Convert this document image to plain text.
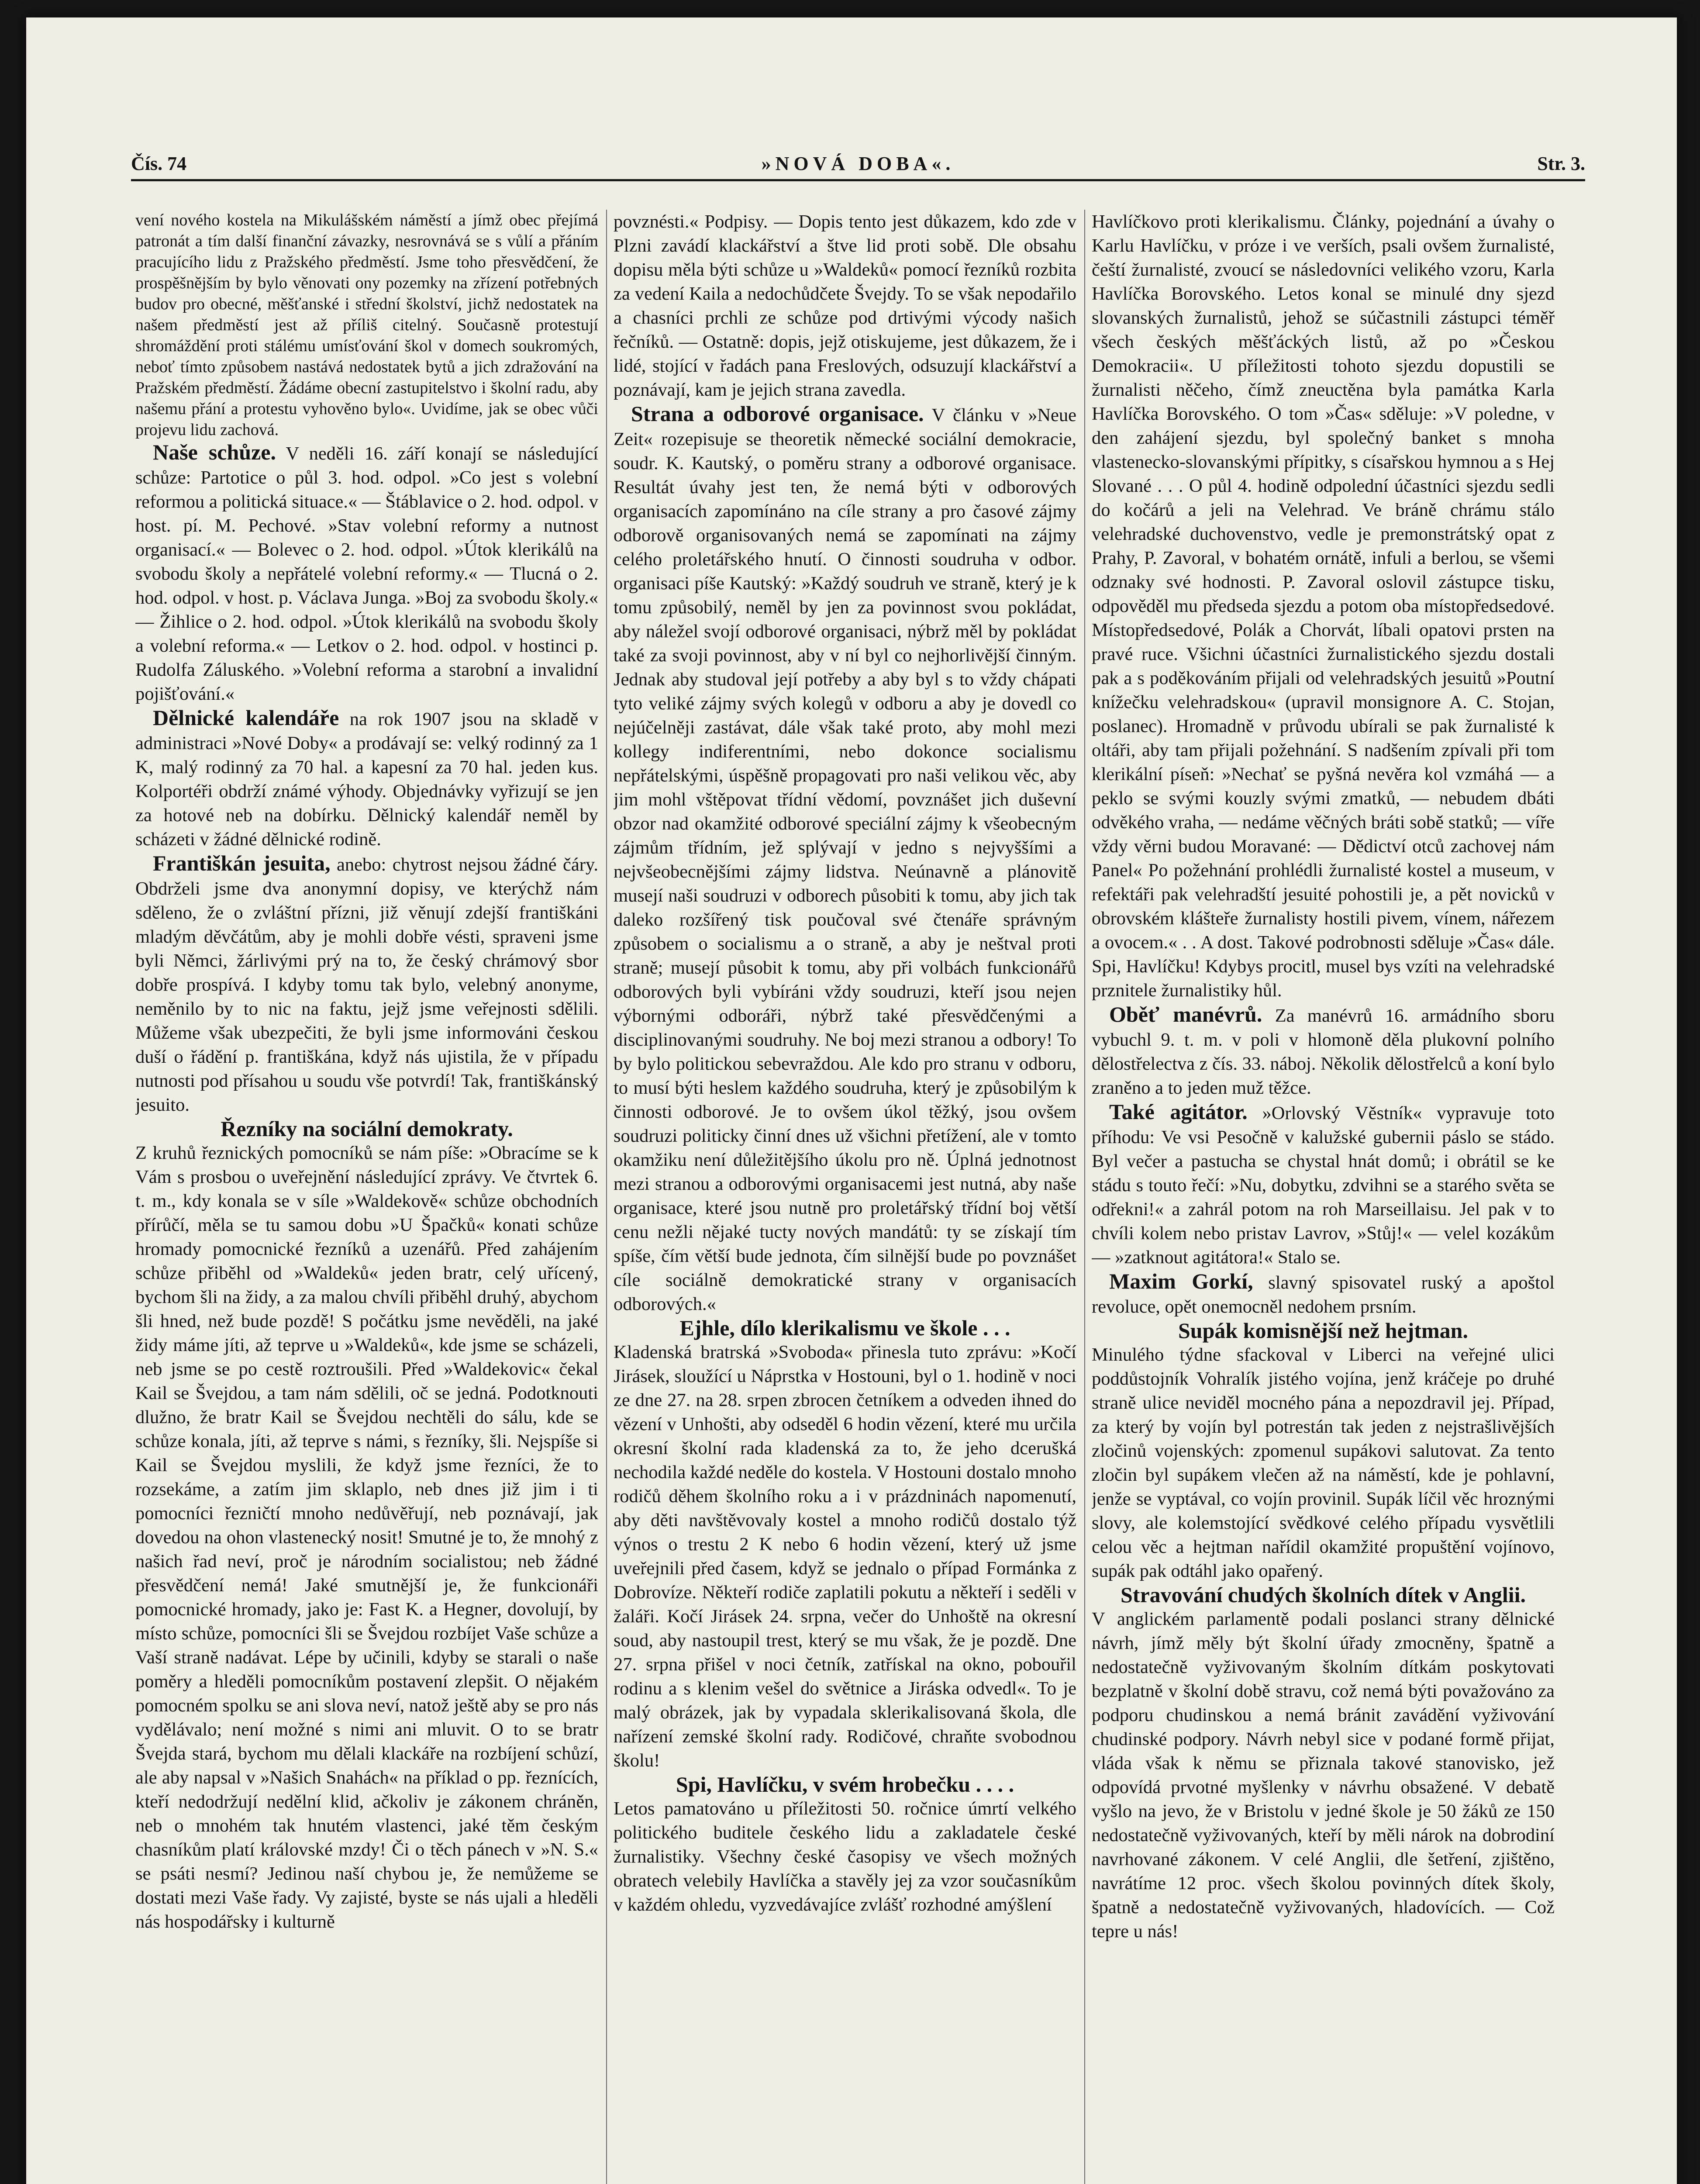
Čís. 74	»NOVÁ DOBA«.	Str. 3.

vení nového kostela na Mikulášském náměstí a jímž obec přejímá patronát a tím další finanční závazky, nesrovnává se s vůlí a přáním pracujícího lidu z Pražského předměstí. Jsme toho přesvědčení, že prospěšnějším by bylo věnovati ony pozemky na zřízení potřebných budov pro obecné, měšťanské i střední školství, jichž nedostatek na našem předměstí jest až příliš citelný. Současně protestují shromáždění proti stálému umísťování škol v domech soukromých, neboť tímto způsobem nastává nedostatek bytů a jich zdražování na Pražském předměstí. Žádáme obecní zastupitelstvo i školní radu, aby našemu přání a protestu vyhověno bylo«. Uvidíme, jak se obec vůči projevu lidu zachová.

Naše schůze. V neděli 16. září konají se následující schůze: Partotice o půl 3. hod. odpol. »Co jest s volební reformou a politická situace.« — Štáblavice o 2. hod. odpol. v host. pí. M. Pechové. »Stav volební reformy a nutnost organisací.« — Bolevec o 2. hod. odpol. »Útok klerikálů na svobodu školy a nepřátelé volební reformy.« — Tlucná o 2. hod. odpol. v host. p. Václava Junga. »Boj za svobodu školy.« — Žihlice o 2. hod. odpol. »Útok klerikálů na svobodu školy a volební reforma.« — Letkov o 2. hod. odpol. v hostinci p. Rudolfa Záluského. »Volební reforma a starobní a invalidní pojišťování.«

Dělnické kalendáře na rok 1907 jsou na skladě v administraci »Nové Doby« a prodávají se: velký rodinný za 1 K, malý rodinný za 70 hal. a kapesní za 70 hal. jeden kus. Kolportéři obdrží známé výhody. Objednávky vyřizují se jen za hotové neb na dobírku. Dělnický kalendář neměl by scházeti v žádné dělnické rodině.

Františkán jesuita, anebo: chytrost nejsou žádné čáry. Obdrželi jsme dva anonymní dopisy, ve kterýchž nám sděleno, že o zvláštní přízni, již věnují zdejší františkáni mladým děvčátům, aby je mohli dobře vésti, spraveni jsme byli Němci, žárlivými prý na to, že český chrámový sbor dobře prospívá. I kdyby tomu tak bylo, velebný anonyme, neměnilo by to nic na faktu, jejž jsme veřejnosti sdělili. Můžeme však ubezpečiti, že byli jsme informováni českou duší o řádění p. františkána, když nás ujistila, že v případu nutnosti pod přísahou u soudu vše potvrdí! Tak, františkánský jesuito.

Řezníky na sociální demokraty.
Z kruhů řeznických pomocníků se nám píše: »Obracíme se k Vám s prosbou o uveřejnění následující zprávy. Ve čtvrtek 6. t. m., kdy konala se v síle »Waldekově« schůze obchodních přírůčí, měla se tu samou dobu »U Špačků« konati schůze hromady pomocnické řezníků a uzenářů. Před zahájením schůze přiběhl od »Waldeků« jeden bratr, celý uřícený, bychom šli na židy, a za malou chvíli přiběhl druhý, abychom šli hned, než bude pozdě! S počátku jsme nevěděli, na jaké židy máme jíti, až teprve u »Waldeků«, kde jsme se scházeli, neb jsme se po cestě roztroušili. Před »Waldekovic« čekal Kail se Švejdou, a tam nám sdělili, oč se jedná. Podotknouti dlužno, že bratr Kail se Švejdou nechtěli do sálu, kde se schůze konala, jíti, až teprve s námi, s řezníky, šli. Nejspíše si Kail se Švejdou myslili, že když jsme řezníci, že to rozsekáme, a zatím jim sklaplo, neb dnes již jim i ti pomocníci řezničtí mnoho nedůvěřují, neb poznávají, jak dovedou na ohon vlastenecký nosit! Smutné je to, že mnohý z našich řad neví, proč je národním socialistou; neb žádné přesvědčení nemá! Jaké smutnější je, že funkcionáři pomocnické hromady, jako je: Fast K. a Hegner, dovolují, by místo schůze, pomocníci šli se Švejdou rozbíjet Vaše schůze a Vaší straně nadávat. Lépe by učinili, kdyby se starali o naše poměry a hleděli pomocníkům postavení zlepšit. O nějakém pomocném spolku se ani slova neví, natož ještě aby se pro nás vydělávalo; není možné s nimi ani mluvit. O to se bratr Švejda stará, bychom mu dělali klackáře na rozbíjení schůzí, ale aby napsal v »Našich Snahách« na příklad o pp. řeznících, kteří nedodržují nedělní klid, ačkoliv je zákonem chráněn, neb o mnohém tak hnutém vlastenci, jaké těm českým chasníkům platí královské mzdy! Či o těch pánech v »N. S.« se psáti nesmí? Jedinou naší chybou je, že nemůžeme se dostati mezi Vaše řady. Vy zajisté, byste se nás ujali a hleděli nás hospodářsky i kulturně

povznésti.« Podpisy. — Dopis tento jest důkazem, kdo zde v Plzni zavádí klackářství a štve lid proti sobě. Dle obsahu dopisu měla býti schůze u »Waldeků« pomocí řezníků rozbita za vedení Kaila a nedochůdčete Švejdy. To se však nepodařilo a chasníci prchli ze schůze pod drtivými výcody našich řečníků. — Ostatně: dopis, jejž otiskujeme, jest důkazem, že i lidé, stojící v řadách pana Freslových, odsuzují klackářství a poznávají, kam je jejich strana zavedla.

Strana a odborové organisace. V článku v »Neue Zeit« rozepisuje se theoretik německé sociální demokracie, soudr. K. Kautský, o poměru strany a odborové organisace. Resultát úvahy jest ten, že nemá býti v odborových organisacích zapomínáno na cíle strany a pro časové zájmy odborově organisovaných nemá se zapomínati na zájmy celého proletářského hnutí. O činnosti soudruha v odbor. organisaci píše Kautský: »Každý soudruh ve straně, který je k tomu způsobilý, neměl by jen za povinnost svou pokládat, aby náležel svojí odborové organisaci, nýbrž měl by pokládat také za svoji povinnost, aby v ní byl co nejhorlivější činným. Jednak aby studoval její potřeby a aby byl s to vždy chápati tyto veliké zájmy svých kolegů v odboru a aby je dovedl co nejúčelněji zastávat, dále však také proto, aby mohl mezi kollegy indiferentními, nebo dokonce socialismu nepřátelskými, úspěšně propagovati pro naši velikou věc, aby jim mohl vštěpovat třídní vědomí, povznášet jich duševní obzor nad okamžité odborové speciální zájmy k všeobecným zájmům třídním, jež splývají v jedno s nejvyššími a nejvšeobecnějšími zájmy lidstva. Neúnavně a plánovitě musejí naši soudruzi v odborech působiti k tomu, aby jich tak daleko rozšířený tisk poučoval své čtenáře správným způsobem o socialismu a o straně, a aby je neštval proti straně; musejí působit k tomu, aby při volbách funkcionářů odborových byli vybíráni vždy soudruzi, kteří jsou nejen výbornými odboráři, nýbrž také přesvědčenými a disciplinovanými soudruhy. Ne boj mezi stranou a odbory! To by bylo politickou sebevraždou. Ale kdo pro stranu v odboru, to musí býti heslem každého soudruha, který je způsobilým k činnosti odborové. Je to ovšem úkol těžký, jsou ovšem soudruzi politicky činní dnes už všichni přetížení, ale v tomto okamžiku není důležitějšího úkolu pro ně. Úplná jednotnost mezi stranou a odborovými organisacemi jest nutná, aby naše organisace, které jsou nutně pro proletářský třídní boj větší cenu nežli nějaké tucty nových mandátů: ty se získají tím spíše, čím větší bude jednota, čím silnější bude po povznášet cíle sociálně demokratické strany v organisacích odborových.«

Ejhle, dílo klerikalismu ve škole . . .
Kladenská bratrská »Svoboda« přinesla tuto zprávu: »Kočí Jirásek, sloužící u Náprstka v Hostouni, byl o 1. hodině v noci ze dne 27. na 28. srpen zbrocen četníkem a odveden ihned do vězení v Unhošti, aby odseděl 6 hodin vězení, které mu určila okresní školní rada kladenská za to, že jeho dcerušká nechodila každé neděle do kostela. V Hostouni dostalo mnoho rodičů děhem školního roku a i v prázdninách napomenutí, aby děti navštěvovaly kostel a mnoho rodičů dostalo týž výnos o trestu 2 K nebo 6 hodin vězení, který už jsme uveřejnili před časem, když se jednalo o případ Formánka z Dobrovíze. Někteří rodiče zaplatili pokutu a někteří i seděli v žaláři. Kočí Jirásek 24. srpna, večer do Unhoště na okresní soud, aby nastoupil trest, který se mu však, že je pozdě. Dne 27. srpna přišel v noci četník, zatřískal na okno, pobouřil rodinu a s klenim vešel do světnice a Jiráska odvedl«. To je malý obrázek, jak by vypadala sklerikalisovaná škola, dle nařízení zemské školní rady. Rodičové, chraňte svobodnou školu!

Spi, Havlíčku, v svém hrobečku . . . .
Letos pamatováno u příležitosti 50. ročnice úmrtí velkého politického buditele českého lidu a zakladatele české žurnalistiky. Všechny české časopisy ve všech možných obratech velebily Havlíčka a stavěly jej za vzor současníkům v každém ohledu, vyzvedávajíce zvlášť rozhodné amýšlení

Havlíčkovo proti klerikalismu. Články, pojednání a úvahy o Karlu Havlíčku, v próze i ve verších, psali ovšem žurnalisté, čeští žurnalisté, zvoucí se následovníci velikého vzoru, Karla Havlíčka Borovského. Letos konal se minulé dny sjezd slovanských žurnalistů, jehož se súčastnili zástupci téměř všech českých měšťáckých listů, až po »Českou Demokracii«. U příležitosti tohoto sjezdu dopustili se žurnalisti něčeho, čímž zneuctěna byla památka Karla Havlíčka Borovského. O tom »Čas« sděluje: »V poledne, v den zahájení sjezdu, byl společný banket s mnoha vlastenecko-slovanskými přípitky, s císařskou hymnou a s Hej Slované . . . O půl 4. hodině odpolední účastníci sjezdu sedli do kočárů a jeli na Velehrad. Ve bráně chrámu stálo velehradské duchovenstvo, vedle je premonstrátský opat z Prahy, P. Zavoral, v bohatém ornátě, infuli a berlou, se všemi odznaky své hodnosti. P. Zavoral oslovil zástupce tisku, odpověděl mu předseda sjezdu a potom oba místopředsedové. Místopředsedové, Polák a Chorvát, líbali opatovi prsten na pravé ruce. Všichni účastníci žurnalistického sjezdu dostali pak a s poděkováním přijali od velehradských jesuitů »Poutní knížečku velehradskou« (upravil monsignore A. C. Stojan, poslanec). Hromadně v průvodu ubírali se pak žurnalisté k oltáři, aby tam přijali požehnání. S nadšením zpívali při tom klerikální píseň: »Nechať se pyšná nevěra kol vzmáhá — a peklo se svými kouzly svými zmatků, — nebudem dbáti odvěkého vraha, — nedáme věčných bráti sobě statků; — víře vždy věrni budou Moravané: — Dědictví otců zachovej nám Panel« Po požehnání prohlédli žurnalisté kostel a museum, v refektáři pak velehradští jesuité pohostili je, a pět novicků v obrovském klášteře žurnalisty hostili pivem, vínem, nářezem a ovocem.« . . A dost. Takové podrobnosti sděluje »Čas« dále. Spi, Havlíčku! Kdybys procitl, musel bys vzíti na velehradské prznitele žurnalistiky hůl.

Oběť manévrů. Za manévrů 16. armádního sboru vybuchl 9. t. m. v poli v hlomoně děla plukovní polního dělostřelectva z čís. 33. náboj. Několik dělostřelců a koní bylo zraněno a to jeden muž těžce.

Také agitátor. »Orlovský Věstník« vypravuje toto příhodu: Ve vsi Pesočně v kalužské gubernii páslo se stádo. Byl večer a pastucha se chystal hnát domů; i obrátil se ke stádu s touto řečí: »Nu, dobytku, zdvihni se a starého světa se odřekni!« a zahrál potom na roh Marseillaisu. Jel pak v to chvíli kolem nebo pristav Lavrov, »Stůj!« — velel kozákům — »zatknout agitátora!« Stalo se.

Maxim Gorkí, slavný spisovatel ruský a apoštol revoluce, opět onemocněl nedohem prsním.

Supák komisnější než hejtman.
Minulého týdne sfackoval v Liberci na veřejné ulici poddůstojník Vohralík jistého vojína, jenž kráčeje po druhé straně ulice neviděl mocného pána a nepozdravil jej. Případ, za který by vojín byl potrestán tak jeden z nejstrašlivějších zločinů vojenských: zpomenul supákovi salutovat. Za tento zločin byl supákem vlečen až na náměstí, kde je pohlavní, jenže se vyptával, co vojín provinil. Supák líčil věc hroznými slovy, ale kolemstojící svědkové celého případu vysvětlili celou věc a hejtman nařídil okamžité propuštění vojínovo, supák pak odtáhl jako opařený.

Stravování chudých školních dítek v Anglii.
V anglickém parlamentě podali poslanci strany dělnické návrh, jímž měly být školní úřady zmocněny, špatně a nedostatečně vyživovaným školním dítkám poskytovati bezplatně v školní době stravu, což nemá býti považováno za podporu chudinskou a nemá bránit zavádění vyživování chudinské podpory. Návrh nebyl sice v podané formě přijat, vláda však k němu se přiznala takové stanovisko, jež odpovídá prvotné myšlenky v návrhu obsažené. V debatě vyšlo na jevo, že v Bristolu v jedné škole je 50 žáků ze 150 nedostatečně vyživovaných, kteří by měli nárok na dobrodiní navrhované zákonem. V celé Anglii, dle šetření, zjištěno, navrátíme 12 proc. všech školou povinných dítek školy, špatně a nedostatečně vyživovaných, hladovících. — Což tepre u nás!
